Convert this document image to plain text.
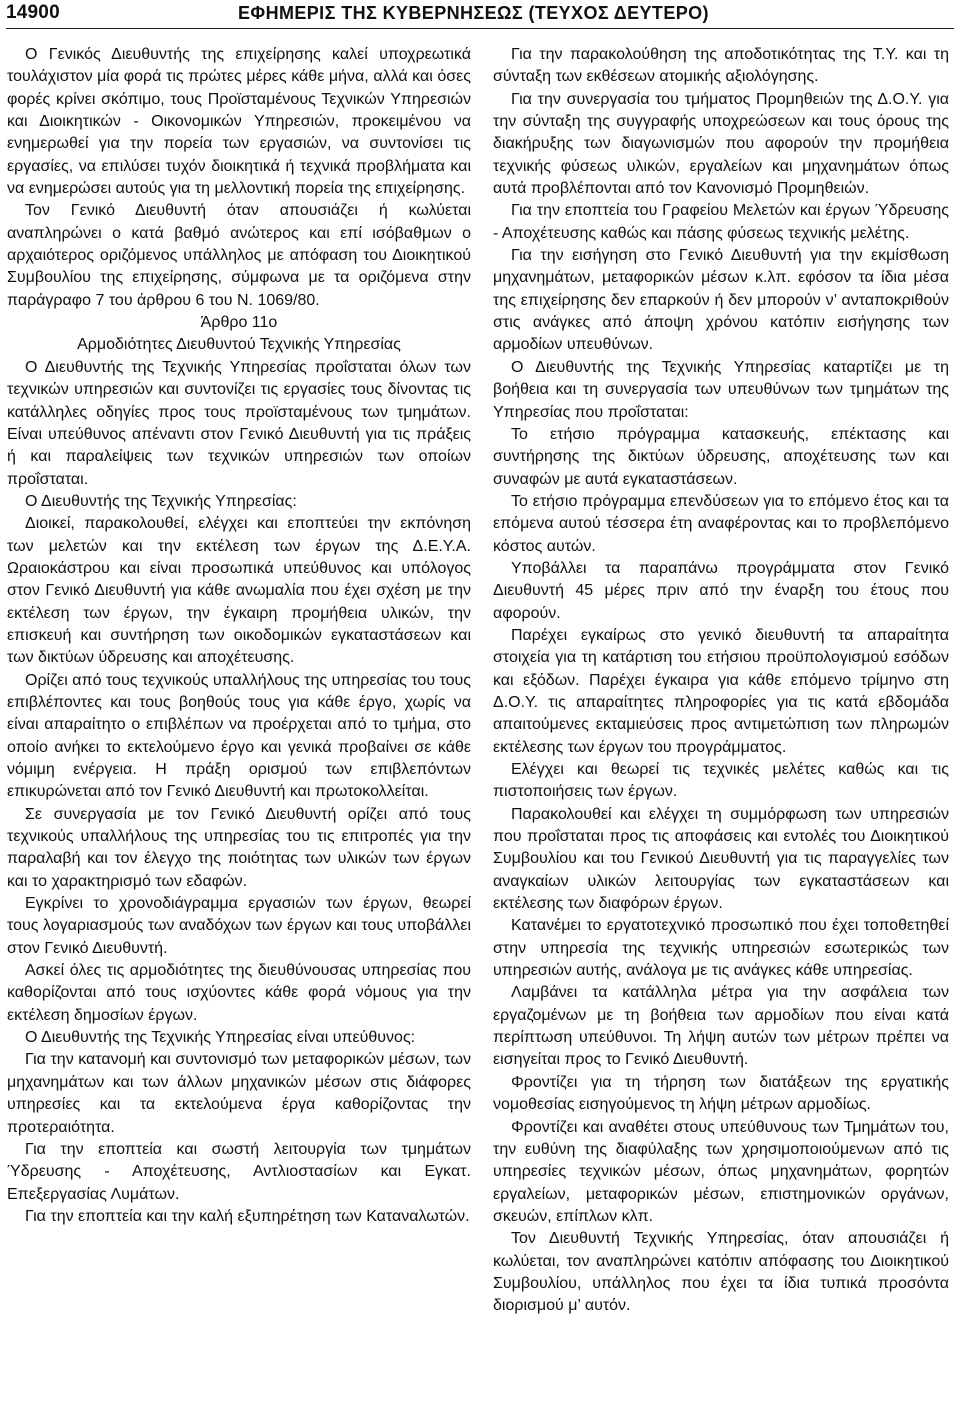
14900	ΕΦΗΜΕΡΙΣ ΤΗΣ ΚΥΒΕΡΝΗΣΕΩΣ (ΤΕΥΧΟΣ ΔΕΥΤΕΡΟ)

Ο Γενικός Διευθυντής της επιχείρησης καλεί υποχρεωτικά τουλάχιστον μία φορά τις πρώτες μέρες κάθε μήνα, αλλά και όσες φορές κρίνει σκόπιμο, τους Προϊσταμένους Τεχνικών Υπηρεσιών και Διοικητικών - Οικονομικών Υπηρεσιών, προκειμένου να ενημερωθεί για την πορεία των εργασιών, να συντονίσει τις εργασίες, να επιλύσει τυχόν διοικητικά ή τεχνικά προβλήματα και να ενημερώσει αυτούς για τη μελλοντική πορεία της επιχείρησης.

Τον Γενικό Διευθυντή όταν απουσιάζει ή κωλύεται αναπληρώνει ο κατά βαθμό ανώτερος και επί ισόβαθμων ο αρχαιότερος οριζόμενος υπάλληλος με απόφαση του Διοικητικού Συμβουλίου της επιχείρησης, σύμφωνα με τα οριζόμενα στην παράγραφο 7 του άρθρου 6 του Ν. 1069/80.

Άρθρο 11ο

Αρμοδιότητες Διευθυντού Τεχνικής Υπηρεσίας

Ο Διευθυντής της Τεχνικής Υπηρεσίας προΐσταται όλων των τεχνικών υπηρεσιών και συντονίζει τις εργασίες τους δίνοντας τις κατάλληλες οδηγίες προς τους προϊσταμένους των τμημάτων. Είναι υπεύθυνος απέναντι στον Γενικό Διευθυντή για τις πράξεις ή και παραλείψεις των τεχνικών υπηρεσιών των οποίων προΐσταται.

Ο Διευθυντής της Τεχνικής Υπηρεσίας:

Διοικεί, παρακολουθεί, ελέγχει και εποπτεύει την εκπόνηση των μελετών και την εκτέλεση των έργων της Δ.Ε.Υ.Α. Ωραιοκάστρου και είναι προσωπικά υπεύθυνος και υπόλογος στον Γενικό Διευθυντή για κάθε ανωμαλία που έχει σχέση με την εκτέλεση των έργων, την έγκαιρη προμήθεια υλικών, την επισκευή και συντήρηση των οικοδομικών εγκαταστάσεων και των δικτύων ύδρευσης και αποχέτευσης.

Ορίζει από τους τεχνικούς υπαλλήλους της υπηρεσίας του τους επιβλέποντες και τους βοηθούς τους για κάθε έργο, χωρίς να είναι απαραίτητο ο επιβλέπων να προέρχεται από το τμήμα, στο οποίο ανήκει το εκτελούμενο έργο και γενικά προβαίνει σε κάθε νόμιμη ενέργεια. Η πράξη ορισμού των επιβλεπόντων επικυρώνεται από τον Γενικό Διευθυντή και πρωτοκολλείται.

Σε συνεργασία με τον Γενικό Διευθυντή ορίζει από τους τεχνικούς υπαλλήλους της υπηρεσίας του τις επιτροπές για την παραλαβή και τον έλεγχο της ποιότητας των υλικών των έργων και το χαρακτηρισμό των εδαφών.

Εγκρίνει το χρονοδιάγραμμα εργασιών των έργων, θεωρεί τους λογαριασμούς των αναδόχων των έργων και τους υποβάλλει στον Γενικό Διευθυντή.

Ασκεί όλες τις αρμοδιότητες της διευθύνουσας υπηρεσίας που καθορίζονται από τους ισχύοντες κάθε φορά νόμους για την εκτέλεση δημοσίων έργων.

Ο Διευθυντής της Τεχνικής Υπηρεσίας είναι υπεύθυνος:

Για την κατανομή και συντονισμό των μεταφορικών μέσων, των μηχανημάτων και των άλλων μηχανικών μέσων στις διάφορες υπηρεσίες και τα εκτελούμενα έργα καθορίζοντας την προτεραιότητα.

Για την εποπτεία και σωστή λειτουργία των τμημάτων Ύδρευσης - Αποχέτευσης, Αντλιοστασίων και Εγκατ. Επεξεργασίας Λυμάτων.

Για την εποπτεία και την καλή εξυπηρέτηση των Καταναλωτών.

Για την παρακολούθηση της αποδοτικότητας της Τ.Υ. και τη σύνταξη των εκθέσεων ατομικής αξιολόγησης.

Για την συνεργασία του τμήματος Προμηθειών της Δ.Ο.Υ. για την σύνταξη της συγγραφής υποχρεώσεων και τους όρους της διακήρυξης των διαγωνισμών που αφορούν την προμήθεια τεχνικής φύσεως υλικών, εργαλείων και μηχανημάτων όπως αυτά προβλέπονται από τον Κανονισμό Προμηθειών.

Για την εποπτεία του Γραφείου Μελετών και έργων Ύδρευσης - Αποχέτευσης καθώς και πάσης φύσεως τεχνικής μελέτης.

Για την εισήγηση στο Γενικό Διευθυντή για την εκμίσθωση μηχανημάτων, μεταφορικών μέσων κ.λπ. εφόσον τα ίδια μέσα της επιχείρησης δεν επαρκούν ή δεν μπορούν ν’ ανταποκριθούν στις ανάγκες από άποψη χρόνου κατόπιν εισήγησης των αρμοδίων υπευθύνων.

Ο Διευθυντής της Τεχνικής Υπηρεσίας καταρτίζει με τη βοήθεια και τη συνεργασία των υπευθύνων των τμημάτων της Υπηρεσίας που προΐσταται:

Το ετήσιο πρόγραμμα κατασκευής, επέκτασης και συντήρησης της δικτύων ύδρευσης, αποχέτευσης των και συναφών με αυτά εγκαταστάσεων.

Το ετήσιο πρόγραμμα επενδύσεων για το επόμενο έτος και τα επόμενα αυτού τέσσερα έτη αναφέροντας και το προβλεπόμενο κόστος αυτών.

Υποβάλλει τα παραπάνω προγράμματα στον Γενικό Διευθυντή 45 μέρες πριν από την έναρξη του έτους που αφορούν.

Παρέχει εγκαίρως στο γενικό διευθυντή τα απαραίτητα στοιχεία για τη κατάρτιση του ετήσιου προϋπολογισμού εσόδων και εξόδων. Παρέχει έγκαιρα για κάθε επόμενο τρίμηνο στη Δ.Ο.Υ. τις απαραίτητες πληροφορίες για τις κατά εβδομάδα απαιτούμενες εκταμιεύσεις προς αντιμετώπιση των πληρωμών εκτέλεσης των έργων του προγράμματος.

Ελέγχει και θεωρεί τις τεχνικές μελέτες καθώς και τις πιστοποιήσεις των έργων.

Παρακολουθεί και ελέγχει τη συμμόρφωση των υπηρεσιών που προΐσταται προς τις αποφάσεις και εντολές του Διοικητικού Συμβουλίου και του Γενικού Διευθυντή για τις παραγγελίες των αναγκαίων υλικών λειτουργίας των εγκαταστάσεων και εκτέλεσης των διαφόρων έργων.

Κατανέμει το εργατοτεχνικό προσωπικό που έχει τοποθετηθεί στην υπηρεσία της τεχνικής υπηρεσιών εσωτερικώς των υπηρεσιών αυτής, ανάλογα με τις ανάγκες κάθε υπηρεσίας.

Λαμβάνει τα κατάλληλα μέτρα για την ασφάλεια των εργαζομένων με τη βοήθεια των αρμοδίων που είναι κατά περίπτωση υπεύθυνοι. Τη λήψη αυτών των μέτρων πρέπει να εισηγείται προς το Γενικό Διευθυντή.

Φροντίζει για τη τήρηση των διατάξεων της εργατικής νομοθεσίας εισηγούμενος τη λήψη μέτρων αρμοδίως.

Φροντίζει και αναθέτει στους υπεύθυνους των Τμημάτων του, την ευθύνη της διαφύλαξης των χρησιμοποιούμενων από τις υπηρεσίες τεχνικών μέσων, όπως μηχανημάτων, φορητών εργαλείων, μεταφορικών μέσων, επιστημονικών οργάνων, σκευών, επίπλων κλπ.

Τον Διευθυντή Τεχνικής Υπηρεσίας, όταν απουσιάζει ή κωλύεται, τον αναπληρώνει κατόπιν απόφασης του Διοικητικού Συμβουλίου, υπάλληλος που έχει τα ίδια τυπικά προσόντα διορισμού μ’ αυτόν.
